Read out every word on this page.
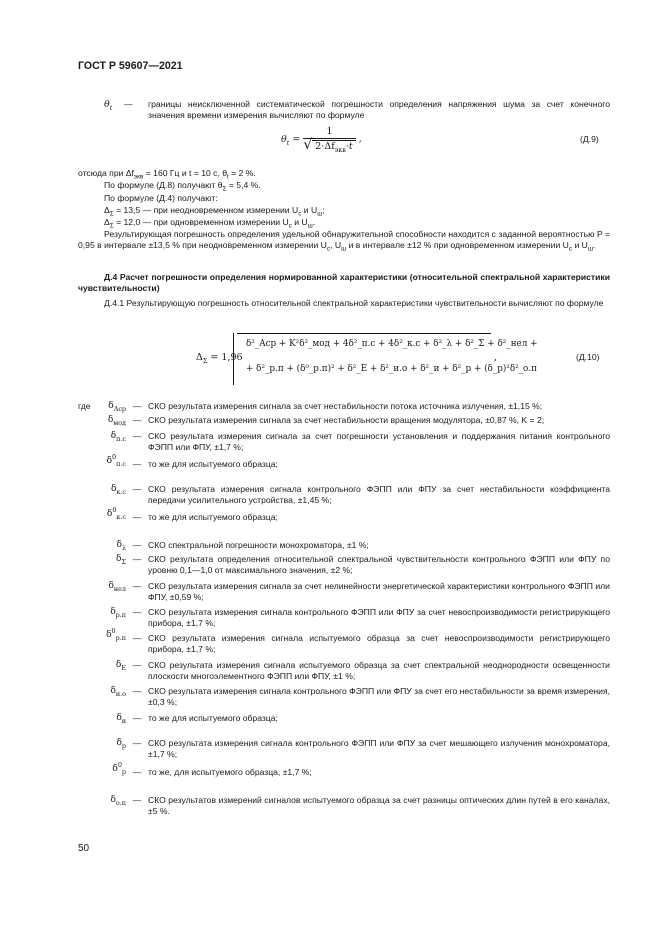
ГОСТ Р 59607—2021
$\theta_t$ — границы неисключенной систематической погрешности определения напряжения шума за счет конечного значения времени измерения вычисляют по формуле
$\theta_t = \frac{1}{√ 2\cdot\Delta f_{экв}\cdot t}$ ,	(Д.9)
отсюда при $\Delta f_{экв} = 160$ Гц и t = 10 с, $\theta_t = 2$ %.
По формуле (Д.8) получают $\theta_\Sigma = 5,4$ %.
По формуле (Д.4) получают:
$\Delta_\Sigma = 13,5$ — при неодновременном измерении $U_с$ и $U_ш$;
$\Delta_\Sigma = 12,0$ — при одновременном измерении $U_с$ и $U_ш$.
Результирующая погрешность определения удельной обнаружительной способности находится с заданной вероятностью P = 0,95 в интервале ±13,5 % при неодновременном измерении $U_с$, $U_ш$ и в интервале ±12 % при одновременном измерении $U_с$ и $U_ш$.
Д.4 Расчет погрешности определения нормированной характеристики (относительной спектральной характеристики чувствительности)
Д.4.1 Результирующую погрешность относительной спектральной характеристики чувствительности вычисляют по формуле
$\Delta_\Sigma = 1,96$
δ²_Acp + K²δ²_мод + 4δ²_п.с + 4δ²_к.с + δ²_λ + δ²_Σ + δ²_нел +
+ δ²_р.п + (δ⁰_р.п)² + δ²_E + δ²_и.о + δ²_и + δ²_р + (δ_р)²δ²_о.п
,	(Д.10)
где	$\delta_{Acp}$ — СКО результата измерения сигнала за счет нестабильности потока источника излучения, ±1,15 %;
$\delta_{мод}$ — СКО результата измерения сигнала за счет нестабильности вращения модулятора, ±0,87 %, K = 2;
$\delta_{п.с}$ — СКО результата измерения сигнала за счет погрешности установления и поддержания питания контрольного ФЭПП или ФПУ, ±1,7 %;
$\delta^0_{п.с}$ — то же для испытуемого образца;
$\delta_{к.с}$ — СКО результата измерения сигнала контрольного ФЭПП или ФПУ за счет нестабильности коэффициента передачи усилительного устройства, ±1,45 %;
$\delta^0_{к.с}$ — то же для испытуемого образца;
$\delta_\lambda$ — СКО спектральной погрешности монохроматора, ±1 %;
$\delta_\Sigma$ — СКО результата определения относительной спектральной чувствительности контрольного ФЭПП или ФПУ по уровню 0,1—1,0 от максимального значения, ±2 %;
$\delta_{нел}$ — СКО результата измерения сигнала за счет нелинейности энергетической характеристики контрольного ФЭПП или ФПУ, ±0,59 %;
$\delta_{р.п}$ — СКО результата измерения сигнала контрольного ФЭПП или ФПУ за счет невоспроизводимости регистрирующего прибора, ±1,7 %;
$\delta^0_{р.п}$ — СКО результата измерения сигнала испытуемого образца за счет невоспроизводимости регистрирующего прибора, ±1,7 %;
$\delta_E$ — СКО результата измерения сигнала испытуемого образца за счет спектральной неоднородности освещенности плоскости многоэлементного ФЭПП или ФПУ, ±1 %;
$\delta_{и.о}$ — СКО результата измерения сигнала контрольного ФЭПП или ФПУ за счет его нестабильности за время измерения, ±0,3 %;
$\delta_и$ — то же для испытуемого образца;
$\delta_р$ — СКО результата измерения сигнала контрольного ФЭПП или ФПУ за счет мешающего излучения монохроматора, ±1,7 %;
$\delta^0_р$ — то же, для испытуемого образца, ±1,7 %;
$\delta_{о.п}$ — СКО результатов измерений сигналов испытуемого образца за счет разницы оптических длин путей в его каналах, ±5 %.
50
